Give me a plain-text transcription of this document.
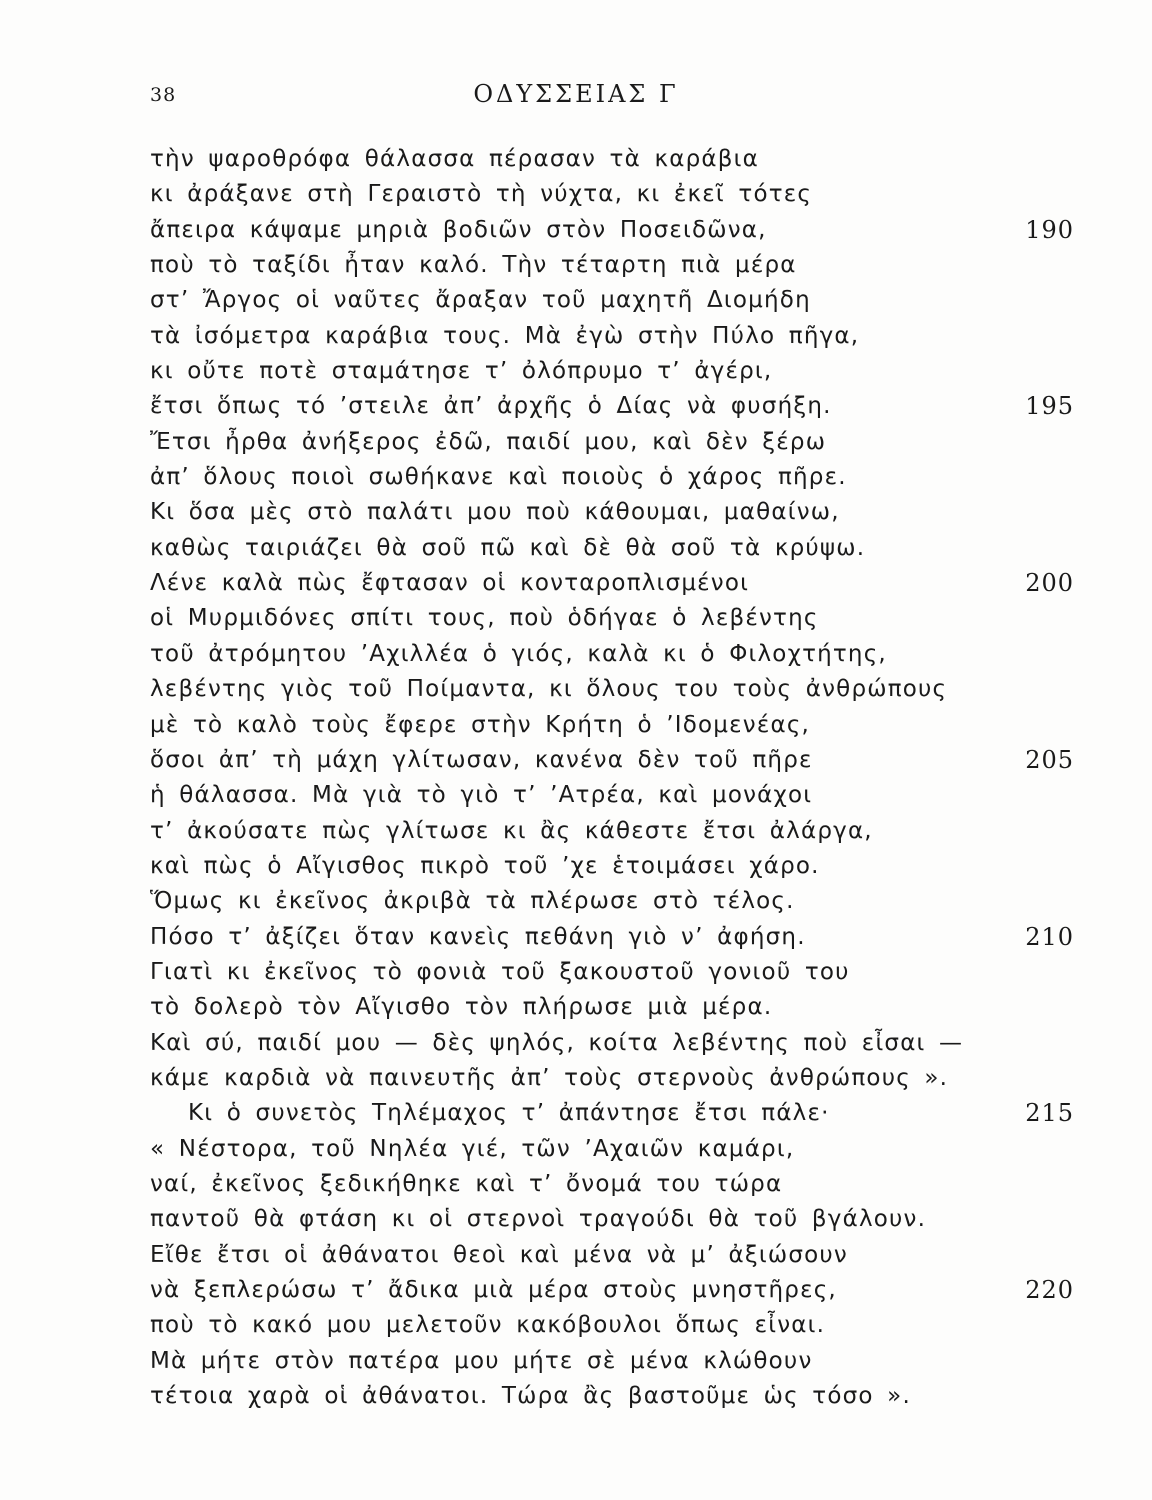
38	ΟΔΥΣΣΕΙΑΣ Γ
τὴν ψαροθρόφα θάλασσα πέρασαν τὰ καράβια
κι ἀράξανε στὴ Γεραιστὸ τὴ νύχτα, κι ἐκεῖ τότες
ἄπειρα κάψαμε μηριὰ βοδιῶν στὸν Ποσειδῶνα,	190
ποὺ τὸ ταξίδι ἦταν καλό. Τὴν τέταρτη πιὰ μέρα
στ’ Ἄργος οἱ ναῦτες ἄραξαν τοῦ μαχητῆ Διομήδη
τὰ ἰσόμετρα καράβια τους. Μὰ ἐγὼ στὴν Πύλο πῆγα,
κι οὔτε ποτὲ σταμάτησε τ’ ὀλόπρυμο τ’ ἀγέρι,
ἔτσι ὅπως τό ’στειλε ἀπ’ ἀρχῆς ὁ Δίας νὰ φυσήξη.	195
Ἔτσι ἦρθα ἀνήξερος ἐδῶ, παιδί μου, καὶ δὲν ξέρω
ἀπ’ ὅλους ποιοὶ σωθήκανε καὶ ποιοὺς ὁ χάρος πῆρε.
Κι ὅσα μὲς στὸ παλάτι μου ποὺ κάθουμαι, μαθαίνω,
καθὼς ταιριάζει θὰ σοῦ πῶ καὶ δὲ θὰ σοῦ τὰ κρύψω.
Λένε καλὰ πὼς ἔφτασαν οἱ κονταροπλισμένοι	200
οἱ Μυρμιδόνες σπίτι τους, ποὺ ὁδήγαε ὁ λεβέντης
τοῦ ἀτρόμητου ’Αχιλλέα ὁ γιός, καλὰ κι ὁ Φιλοχτήτης,
λεβέντης γιὸς τοῦ Ποίμαντα, κι ὅλους του τοὺς ἀνθρώπους
μὲ τὸ καλὸ τοὺς ἔφερε στὴν Κρήτη ὁ ’Ιδομενέας,
ὅσοι ἀπ’ τὴ μάχη γλίτωσαν, κανένα δὲν τοῦ πῆρε	205
ἡ θάλασσα. Μὰ γιὰ τὸ γιὸ τ’ ’Ατρέα, καὶ μονάχοι
τ’ ἀκούσατε πὼς γλίτωσε κι ἂς κάθεστε ἔτσι ἀλάργα,
καὶ πὼς ὁ Αἴγισθος πικρὸ τοῦ ’χε ἑτοιμάσει χάρο.
Ὅμως κι ἐκεῖνος ἀκριβὰ τὰ πλέρωσε στὸ τέλος.
Πόσο τ’ ἀξίζει ὅταν κανεὶς πεθάνη γιὸ ν’ ἀφήση.	210
Γιατὶ κι ἐκεῖνος τὸ φονιὰ τοῦ ξακουστοῦ γονιοῦ του
τὸ δολερὸ τὸν Αἴγισθο τὸν πλήρωσε μιὰ μέρα.
Καὶ σύ, παιδί μου — δὲς ψηλός, κοίτα λεβέντης ποὺ εἶσαι —
κάμε καρδιὰ νὰ παινευτῆς ἀπ’ τοὺς στερνοὺς ἀνθρώπους ».
Κι ὁ συνετὸς Τηλέμαχος τ’ ἀπάντησε ἔτσι πάλε·	215
« Νέστορα, τοῦ Νηλέα γιέ, τῶν ’Αχαιῶν καμάρι,
ναί, ἐκεῖνος ξεδικήθηκε καὶ τ’ ὄνομά του τώρα
παντοῦ θὰ φτάση κι οἱ στερνοὶ τραγούδι θὰ τοῦ βγάλουν.
Εἴθε ἔτσι οἱ ἀθάνατοι θεοὶ καὶ μένα νὰ μ’ ἀξιώσουν
νὰ ξεπλερώσω τ’ ἄδικα μιὰ μέρα στοὺς μνηστῆρες,	220
ποὺ τὸ κακό μου μελετοῦν κακόβουλοι ὅπως εἶναι.
Μὰ μήτε στὸν πατέρα μου μήτε σὲ μένα κλώθουν
τέτοια χαρὰ οἱ ἀθάνατοι. Τώρα ἂς βαστοῦμε ὡς τόσο ».
